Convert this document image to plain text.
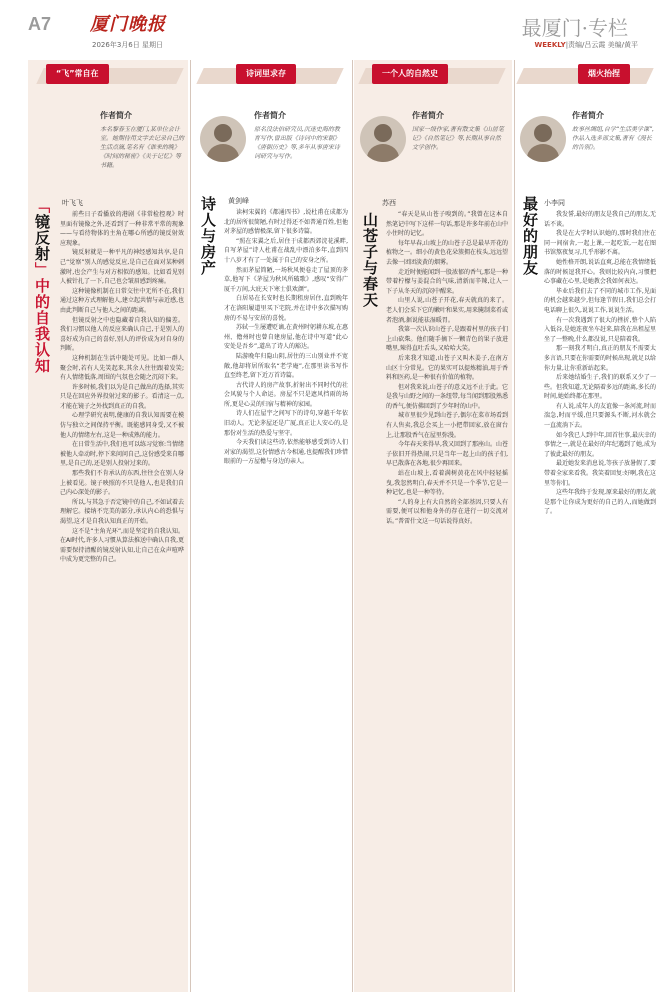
A7 厦门晚报
2026年3月6日 星期日
最厦门·专栏
WEEKLY|责编/吕云霞 美编/黄平
“飞”常自在
作者简介
本名黎春玉在厦门,某单位会计室。她期待用文字去记录自己的生活点滴,笔名有《谁来的晚》《时间的秘密》《关于记忆》等书籍。
「镜反射」中的自我认知
叶飞飞

前些日子看播放的港剧《非常检控观》时里面有镜像之外,还看到了一种非常平常的现象——与看待物体的主角在哪心所感的镜反射效应现象。

镜反射就是一种平凡的神经感知共享,是自己“觉察”别人的感觉反应,是自己在面对某种刺激时,也会产生与对方相似的感知。比如看见别人被针扎了一下,自己也会皱眉感到疼痛。

这种镜像机制在日常交往中无所不在,我们通过这种方式理解他人,建立起共情与亲近感,也由此判断自己与他人之间的距离。

但镜反射之中也隐藏着自我认知的偏差。我们习惯以他人的反应来确认自己,于是别人的喜好成为自己的喜好,别人的评价成为对自身的判断。

这种机制在生活中随处可见。比如一群人聚会时,若有人先笑起来,其余人往往跟着发笑;有人情绪低落,周围的气氛也会随之沉闷下来。

许多时候,我们以为是自己做出的选择,其实只是在回应外界投射过来的影子。看清这一点,才能在镜子之外找到真正的自我。

心理学研究表明,健康的自我认知需要在模仿与独立之间保持平衡。既能感同身受,又不被他人的情绪左右,这是一种成熟的能力。

在日常生活中,我们也可以练习觉察:当情绪被他人牵动时,停下来问问自己,这份感受来自哪里,是自己的,还是别人投射过来的。

那些我们不肯承认的东西,往往会在别人身上被看见。镜子映照的不只是他人,也是我们自己内心深处的影子。

所以,与其急于否定镜中的自己,不如试着去理解它。接纳不完美的部分,承认内心的恐惧与渴望,这才是自我认知真正的开始。

这不是“主角光环”,而是坚定的自我认知。在AI时代,许多人习惯从算法推送中确认自我,更需要保持清醒的镜反射认知,让自己在众声喧哗中成为更完整的自己。

诗词里求存
作者简介
原名没法伯研究员,沉迷史海的教育写作,曾出版《诗词中的宋朝》《唐朝历史》等,多年从事唐宋诗词研究与写作。
诗人与房产 黄剑峰

读柯宋翼的《都通四书》,说杜甫在成都为北的居所很简陋,有时过得还不如普通百姓,但他对茅屋的感情极深,留下很多诗篇。

“照在宋翼之后,居住于成都西郊浣花溪畔,自写茅屋”诗人杜甫在战乱中漂泊多年,直到四十八岁才有了一处属于自己的安身之所。

然而茅屋简陋,一场秋风便卷走了屋顶的茅草,他写下《茅屋为秋风所破歌》,感叹“安得广厦千万间,大庇天下寒士俱欢颜”。

白居易在长安时也长期租房居住,直到晚年才在洛阳履道里买下宅院,并在诗中多次描写购房的不易与安居的喜悦。

苏轼一生屡遭贬谪,在黄州时躬耕东坡,在惠州、儋州时也曾自建房屋,他在诗中写道“此心安处是吾乡”,道出了诗人的豁达。

陆游晚年归隐山阴,居住的三山别业并不宽敞,他却将居所取名“老学庵”,在那里读书写作直至终老,留下近万首诗篇。

古代诗人的房产故事,折射出不同时代的社会风貌与个人命运。房屋不只是遮风挡雨的场所,更是心灵的归宿与精神的家园。

诗人们在屋宇之间写下的诗句,穿越千年依旧动人。无论茅屋还是广厦,真正让人安心的,是那份对生活的热爱与坚守。

今天我们读这些诗,依然能够感受到诗人们对家的渴望,这份情感古今相通,也提醒我们珍惜眼前的一方屋檐与身边的亲人。

一个人的自然史
作者简介
国家一级作家,著有散文集《山居笔记》《自然笔记》等,长期从事自然文学创作。
山苍子与春天
苏西

“春天是从山苍子嗅到的。”我曾在这本自然笔记中写下这样一句话,那是许多年前在山中小住时的记忆。

每年早春,山坡上的山苍子总是最早开花的植物之一。细小的黄色花朵簇拥在枝头,远远望去像一团团淡黄的烟雾。

走近时便能闻到一股浓郁的香气,那是一种带着柠檬与姜混合的气味,清新而辛辣,让人一下子从冬天的沉闷中醒来。

山里人说,山苍子开花,春天就真的来了。老人们会采下它的嫩叶和果实,用来腌制菜肴或者泡酒,据说能祛湿暖胃。

我第一次认识山苍子,是跟着村里的孩子们上山砍柴。他们随手摘下一颗青色的果子放进嘴里,辣得直吐舌头,又哈哈大笑。

后来我才知道,山苍子又叫木姜子,在南方山区十分常见。它的果实可以提炼精油,用于香料和医药,是一种很有价值的植物。

但对我来说,山苍子的意义远不止于此。它是我与山野之间的一条纽带,每当闻到那股熟悉的香气,便仿佛回到了少年时的山中。

城市里很少见到山苍子,偶尔在菜市场看到有人售卖,我总会买上一小把带回家,放在窗台上,让那股香气在屋里弥漫。

今年春天来得早,我又回到了那座山。山苍子依旧开得热闹,只是当年一起上山的孩子们,早已散落在各地,很少再回来。

站在山坡上,看着满树黄花在风中轻轻摇曳,我忽然明白,春天并不只是一个季节,它是一种记忆,也是一种等待。

“人的身上有大自然的全部基因,只要人有需要,便可以和他身外的存在进行一切交流对话。”普雷什文这一句话说得真好。

烟火抬捏
作者简介
故事丝绸组,自学“生活美学课”,作品入选多部文集,著有《漫长的告别》。
最好的朋友 小李同

我发誓,最好的朋友是我自己的朋友,无话不谈。

我是在大学时认识她的,那时我们住在同一间宿舍,一起上课,一起吃饭,一起在图书馆熬夜复习,几乎形影不离。

她性格开朗,说话直爽,总能在我情绪低落的时候逗我开心。我则比较内向,习惯把心事藏在心里,是她教会我如何表达。

毕业后我们去了不同的城市工作,见面的机会越来越少,但每逢节假日,我们总会打电话聊上很久,说说工作,说说生活。

有一次我遇到了很大的挫折,整个人陷入低谷,是她连夜坐车赶来,陪我在出租屋里坐了一整晚,什么都没说,只是陪着我。

那一刻我才明白,真正的朋友不需要太多言语,只要在你需要的时候出现,就足以给你力量,让你重新站起来。

后来她结婚生子,我们的联系又少了一些。但我知道,无论隔着多远的距离,多长的时间,她始终都在那里。

有人说,成年人的友谊像一条河流,时而湍急,时而平缓,但只要源头不断,河水就会一直流淌下去。

如今我已人到中年,回首往事,最庆幸的事情之一,就是在最好的年纪遇到了她,成为了彼此最好的朋友。

最近她发来消息说,等孩子放暑假了,要带着全家来看我。我笑着回复:好啊,我在这里等你们。

这些年我终于发现,原来最好的朋友,就是那个让你成为更好的自己的人,而她做到了。
